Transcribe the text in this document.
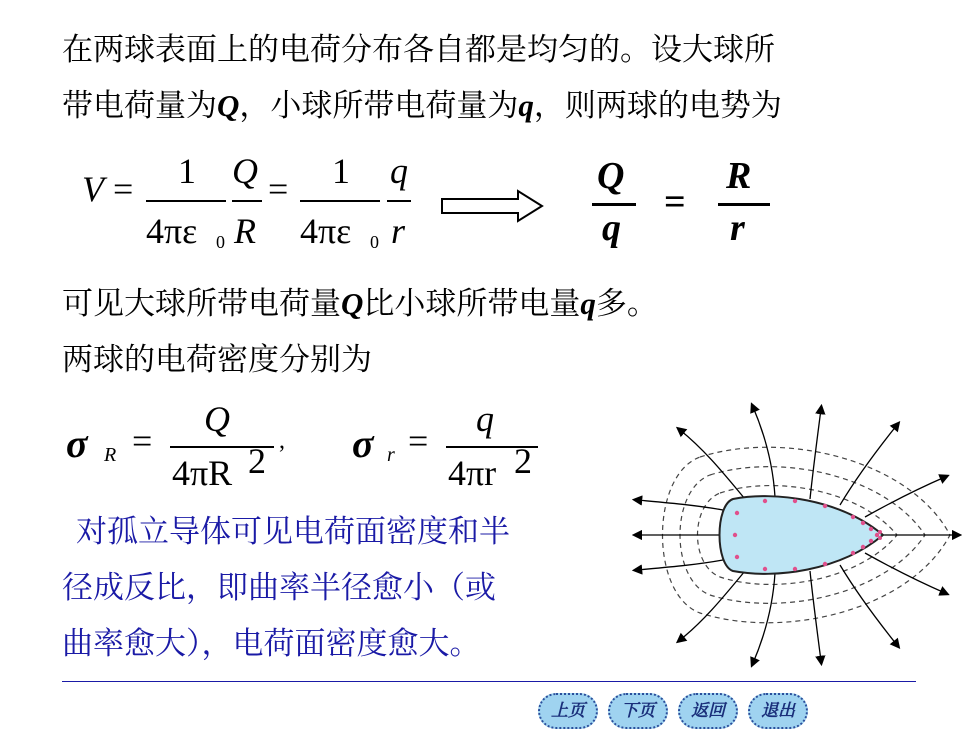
在两球表面上的电荷分布各自都是均匀的。设大球所
带电荷量为Q，小球所带电荷量为q，则两球的电势为
V = 1
4πε 0
Q
R
= 1
4πε 0
q
r
Q
q
=
R
r
可见大球所带电荷量Q比小球所带电量q多。
两球的电荷密度分别为
σ R =
Q
4πR 2 , σ r =
q
4πr 2
对孤立导体可见电荷面密度和半
径成反比，即曲率半径愈小（或
曲率愈大），电荷面密度愈大。
上页	下页	返回	退出
